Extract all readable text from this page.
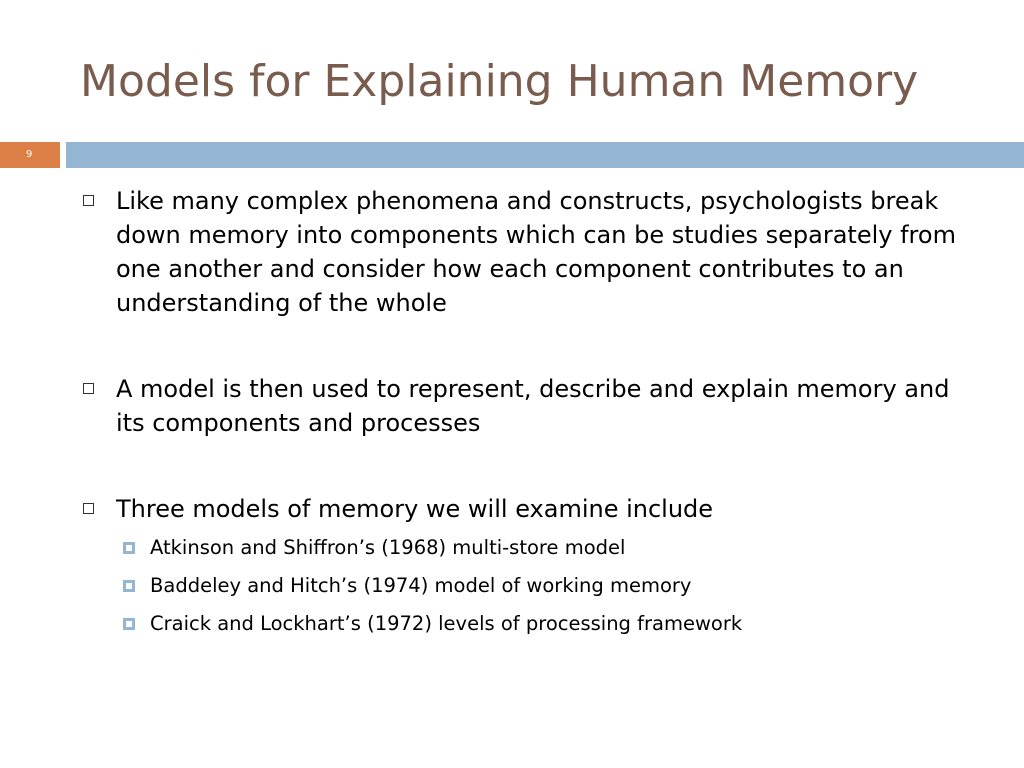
Models for Explaining Human Memory
9
Like many complex phenomena and constructs, psychologists break down memory into components which can be studies separately from one another and consider how each component contributes to an understanding of the whole
A model is then used to represent, describe and explain memory and its components and processes
Three models of memory we will examine include
Atkinson and Shiffron’s (1968) multi-store model
Baddeley and Hitch’s (1974) model of working memory
Craick and Lockhart’s (1972) levels of processing framework
